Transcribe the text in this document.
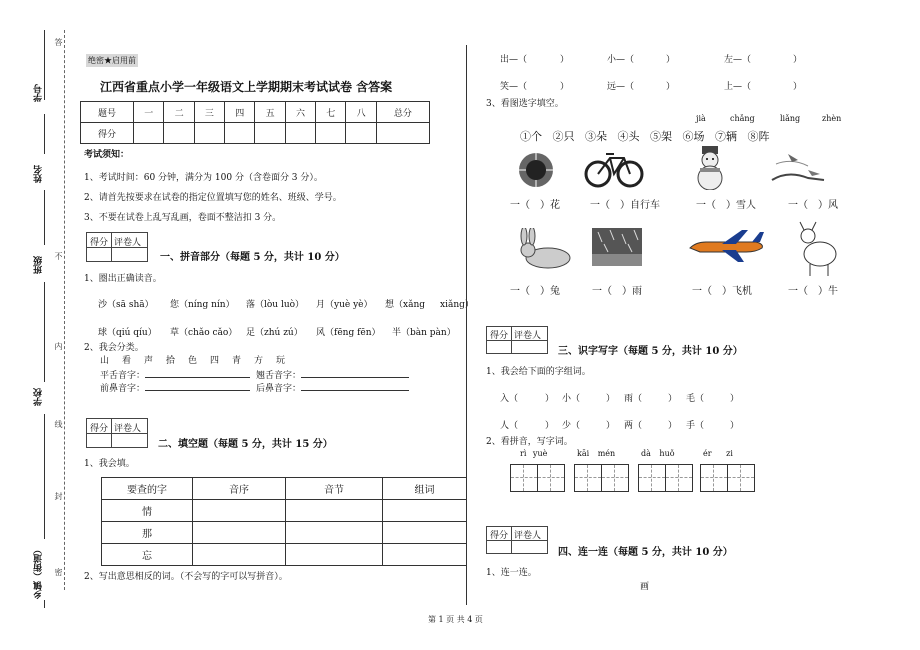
学号
姓名
班级
学校
乡镇（街道）
答
不
内
线
封
密
绝密★启用前
江西省重点小学一年级语文上学期期末考试试卷 含答案
题号	一	二	三	四	五	六	七	八	总分
得分									
考试须知：
1、考试时间：60 分钟，满分为 100 分（含卷面分 3 分）。
2、请首先按要求在试卷的指定位置填写您的姓名、班级、学号。
3、不要在试卷上乱写乱画，卷面不整洁扣 3 分。
得分 评卷人
一、拼音部分（每题 5 分，共计 10 分）
1、圈出正确读音。
沙（sā shā） 您（níng nín） 落（lòu luò） 月（yuè yè） 想（xǎng xiǎng）
球（qiú qíu） 草（chǎo cǎo） 足（zhú zú） 风（fēng fēn） 半（bàn pàn）
2、我会分类。
山 看 声 拾 色 四 青 方 玩
平舌音字：	翘舌音字：
前鼻音字：	后鼻音字：
得分 评卷人
二、填空题（每题 5 分，共计 15 分）
1、我会填。
要查的字	音序	音节	组词
情			
那			
忘			
2、写出意思相反的词。（不会写的字可以写拼音）。
出—（	）	小—（	）	左—（	）
笑—（	）	远—（	）	上—（	）
3、看图选字填空。
jià	chǎng	liǎng	zhèn
①个 ②只 ③朵 ④头 ⑤架 ⑥场 ⑦辆 ⑧阵
一（　）花	一（　）自行车	一（　）雪人	一（　）风
一（　）兔	一（　）雨	一（　）飞机	一（　）牛
得分 评卷人
三、识字写字（每题 5 分，共计 10 分）
1、我会给下面的字组词。
入（	） 小（	） 雨（	） 毛（	）
人（	） 少（	） 两（	） 手（	）
2、看拼音，写字词。
rì yuè	kāi mén	dà huǒ	ér zi
得分 评卷人
四、连一连（每题 5 分，共计 10 分）
1、连一连。
画
第 1 页 共 4 页
